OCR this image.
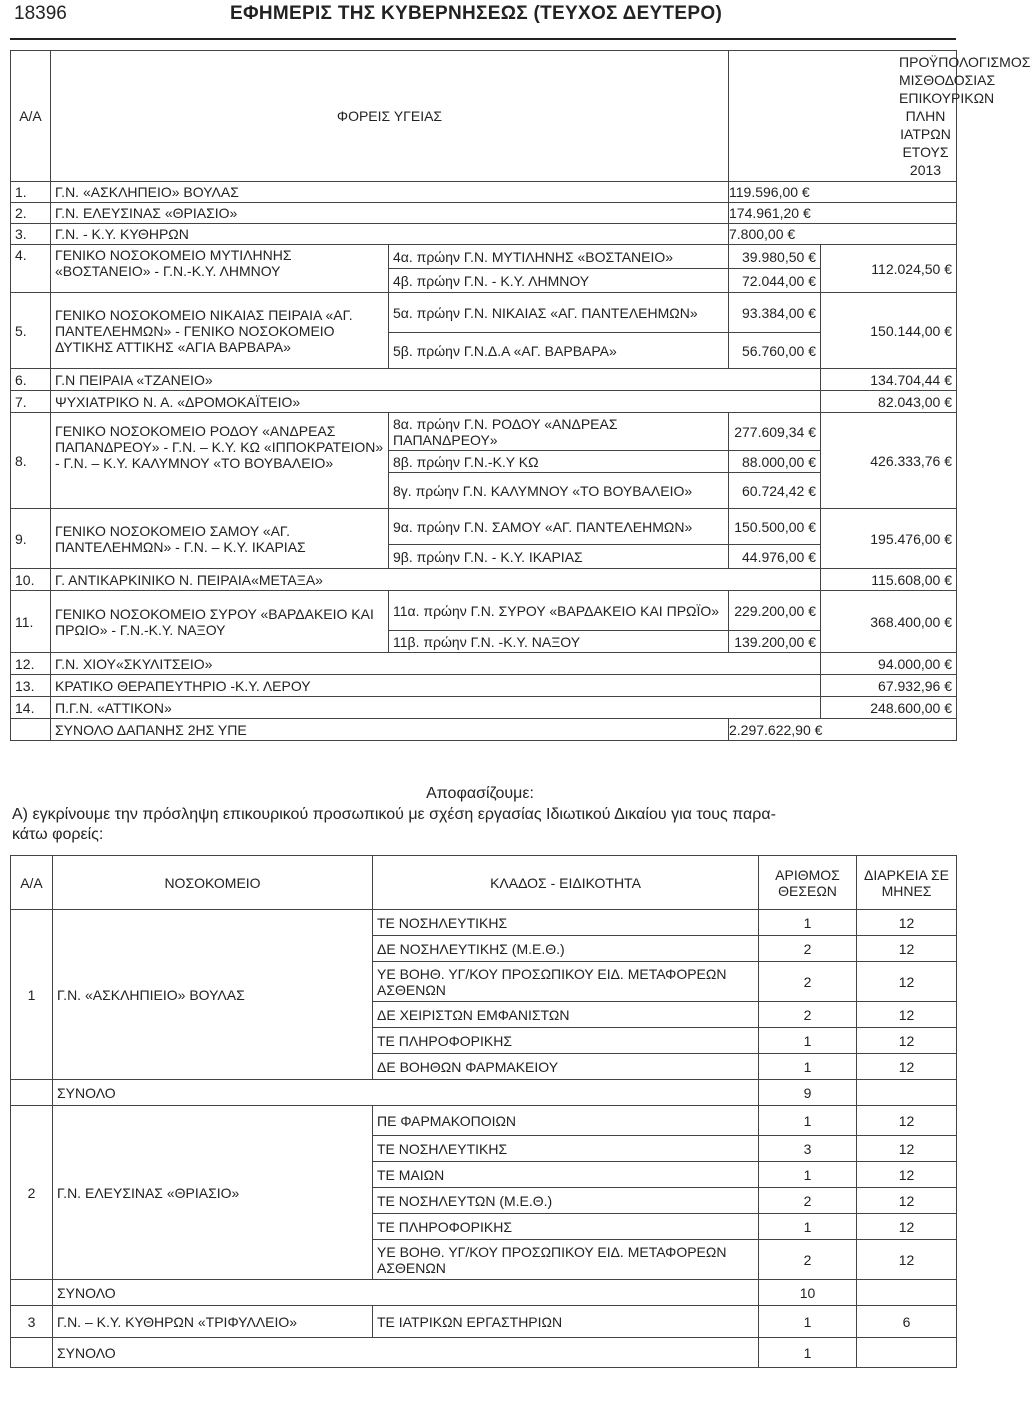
18396	ΕΦΗΜΕΡΙΣ ΤΗΣ ΚΥΒΕΡΝΗΣΕΩΣ (ΤΕΥΧΟΣ ΔΕΥΤΕΡΟ)
Α/Α	ΦΟΡΕΙΣ ΥΓΕΙΑΣ		ΠΡΟΫΠΟΛΟΓΙΣΜΟΣ ΜΙΣΘΟΔΟΣΙΑΣ ΕΠΙΚΟΥΡΙΚΩΝ ΠΛΗΝ ΙΑΤΡΩΝ ΕΤΟΥΣ 2013	
1.	Γ.Ν. «ΑΣΚΛΗΠΕΙΟ» ΒΟΥΛΑΣ		119.596,00 €
2.	Γ.Ν. ΕΛΕΥΣΙΝΑΣ «ΘΡΙΑΣΙΟ»		174.961,20 €
3.	Γ.Ν. - Κ.Υ. ΚΥΘΗΡΩΝ		7.800,00 €
4.	ΓΕΝΙΚΟ ΝΟΣΟΚΟΜΕΙΟ ΜΥΤΙΛΗΝΗΣ «ΒΟΣΤΑΝΕΙΟ» - Γ.Ν.-Κ.Υ. ΛΗΜΝΟΥ	4α. πρώην Γ.Ν. ΜΥΤΙΛΗΝΗΣ «ΒΟΣΤΑΝΕΙΟ»	39.980,50 €	112.024,50 €
		4β. πρώην Γ.Ν. - Κ.Υ. ΛΗΜΝΟΥ	72.044,00 €
5.	ΓΕΝΙΚΟ ΝΟΣΟΚΟΜΕΙΟ ΝΙΚΑΙΑΣ ΠΕΙΡΑΙΑ «ΑΓ. ΠΑΝΤΕΛΕΗΜΩΝ» - ΓΕΝΙΚΟ ΝΟΣΟΚΟΜΕΙΟ ΔΥΤΙΚΗΣ ΑΤΤΙΚΗΣ «ΑΓΙΑ ΒΑΡΒΑΡΑ»	5α. πρώην Γ.Ν. ΝΙΚΑΙΑΣ «ΑΓ. ΠΑΝΤΕΛΕΗΜΩΝ»	93.384,00 €	150.144,00 €
		5β. πρώην Γ.Ν.Δ.Α «ΑΓ. ΒΑΡΒΑΡΑ»	56.760,00 €
6.	Γ.Ν ΠΕΙΡΑΙΑ «ΤΖΑΝΕΙΟ»			134.704,44 €
7.	ΨΥΧΙΑΤΡΙΚΟ Ν. Α. «ΔΡΟΜΟΚΑΪΤΕΙΟ»			82.043,00 €
8.	ΓΕΝΙΚΟ ΝΟΣΟΚΟΜΕΙΟ ΡΟΔΟΥ «ΑΝΔΡΕΑΣ ΠΑΠΑΝΔΡΕΟΥ» - Γ.Ν. – Κ.Υ. ΚΩ «ΙΠΠΟΚΡΑΤΕΙΟΝ» - Γ.Ν. – Κ.Υ. ΚΑΛΥΜΝΟΥ «ΤΟ ΒΟΥΒΑΛΕΙΟ»	8α. πρώην Γ.Ν. ΡΟΔΟΥ «ΑΝΔΡΕΑΣ ΠΑΠΑΝΔΡΕΟΥ»	277.609,34 €	426.333,76 €
		8β. πρώην Γ.Ν.-Κ.Υ ΚΩ	88.000,00 €
		8γ. πρώην Γ.Ν. ΚΑΛΥΜΝΟΥ «ΤΟ ΒΟΥΒΑΛΕΙΟ»	60.724,42 €
9.	ΓΕΝΙΚΟ ΝΟΣΟΚΟΜΕΙΟ ΣΑΜΟΥ «ΑΓ. ΠΑΝΤΕΛΕΗΜΩΝ» - Γ.Ν. – Κ.Υ. ΙΚΑΡΙΑΣ	9α. πρώην Γ.Ν. ΣΑΜΟΥ «ΑΓ. ΠΑΝΤΕΛΕΗΜΩΝ»	150.500,00 €	195.476,00 €
		9β. πρώην Γ.Ν. - Κ.Υ. ΙΚΑΡΙΑΣ	44.976,00 €
10.	Γ. ΑΝΤΙΚΑΡΚΙΝΙΚΟ Ν. ΠΕΙΡΑΙΑ«ΜΕΤΑΞΑ»			115.608,00 €
11.	ΓΕΝΙΚΟ ΝΟΣΟΚΟΜΕΙΟ ΣΥΡΟΥ «ΒΑΡΔΑΚΕΙΟ ΚΑΙ ΠΡΩΙΟ» - Γ.Ν.-Κ.Υ. ΝΑΞΟΥ	11α. πρώην Γ.Ν. ΣΥΡΟΥ «ΒΑΡΔΑΚΕΙΟ ΚΑΙ ΠΡΩΪΟ»	229.200,00 €	368.400,00 €
		11β. πρώην Γ.Ν. -Κ.Υ. ΝΑΞΟΥ	139.200,00 €
12.	Γ.Ν. ΧΙΟΥ«ΣΚΥΛΙΤΣΕΙΟ»			94.000,00 €
13.	ΚΡΑΤΙΚΟ ΘΕΡΑΠΕΥΤΗΡΙΟ -Κ.Υ. ΛΕΡΟΥ			67.932,96 €
14.	Π.Γ.Ν. «ΑΤΤΙΚΟΝ»			248.600,00 €
	ΣΥΝΟΛΟ ΔΑΠΑΝΗΣ 2ΗΣ ΥΠΕ		2.297.622,90 €
Αποφασίζουμε:
Α) εγκρίνουμε την πρόσληψη επικουρικού προσωπικού με σχέση εργασίας Ιδιωτικού Δικαίου για τους παρα-
κάτω φορείς:
Α/Α	ΝΟΣΟΚΟΜΕΙΟ	ΚΛΑΔΟΣ - ΕΙΔΙΚΟΤΗΤΑ	ΑΡΙΘΜΟΣ ΘΕΣΕΩΝ	ΔΙΑΡΚΕΙΑ ΣΕ ΜΗΝΕΣ
1	Γ.Ν. «ΑΣΚΛΗΠΙΕΙΟ» ΒΟΥΛΑΣ	ΤΕ ΝΟΣΗΛΕΥΤΙΚΗΣ	1	12
		ΔΕ ΝΟΣΗΛΕΥΤΙΚΗΣ (Μ.Ε.Θ.)	2	12
		ΥΕ ΒΟΗΘ. ΥΓ/ΚΟΥ ΠΡΟΣΩΠΙΚΟΥ ΕΙΔ. ΜΕΤΑΦΟΡΕΩΝ ΑΣΘΕΝΩΝ	2	12
		ΔΕ ΧΕΙΡΙΣΤΩΝ ΕΜΦΑΝΙΣΤΩΝ	2	12
		ΤΕ ΠΛΗΡΟΦΟΡΙΚΗΣ	1	12
		ΔΕ ΒΟΗΘΩΝ ΦΑΡΜΑΚΕΙΟΥ	1	12
	ΣΥΝΟΛΟ		9	
2	Γ.Ν. ΕΛΕΥΣΙΝΑΣ «ΘΡΙΑΣΙΟ»	ΠΕ ΦΑΡΜΑΚΟΠΟΙΩΝ	1	12
		ΤΕ ΝΟΣΗΛΕΥΤΙΚΗΣ	3	12
		ΤΕ ΜΑΙΩΝ	1	12
		ΤΕ ΝΟΣΗΛΕΥΤΩΝ (Μ.Ε.Θ.)	2	12
		ΤΕ ΠΛΗΡΟΦΟΡΙΚΗΣ	1	12
		ΥΕ ΒΟΗΘ. ΥΓ/ΚΟΥ ΠΡΟΣΩΠΙΚΟΥ ΕΙΔ. ΜΕΤΑΦΟΡΕΩΝ ΑΣΘΕΝΩΝ	2	12
	ΣΥΝΟΛΟ		10	
3	Γ.Ν. – Κ.Υ. ΚΥΘΗΡΩΝ «ΤΡΙΦΥΛΛΕΙΟ»	ΤΕ ΙΑΤΡΙΚΩΝ ΕΡΓΑΣΤΗΡΙΩΝ	1	6
	ΣΥΝΟΛΟ		1	
